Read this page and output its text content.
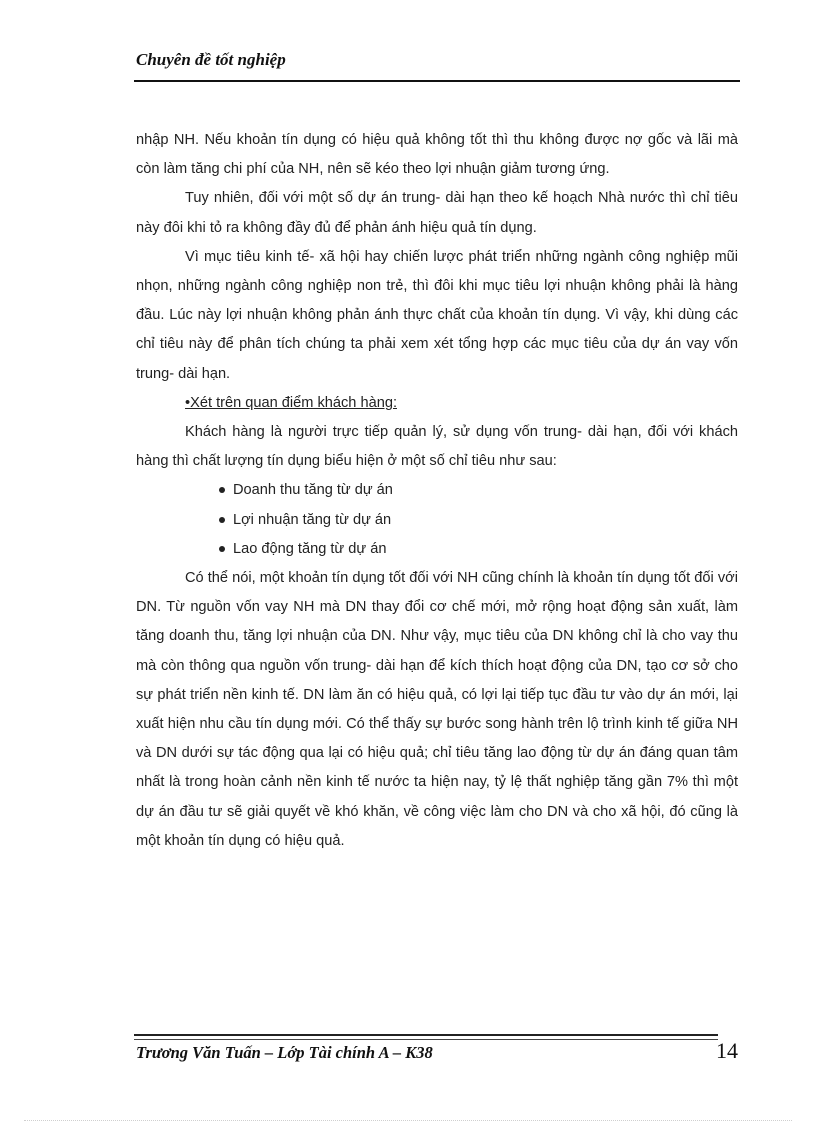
Chuyên đề tốt nghiệp

nhập NH. Nếu khoản tín dụng có hiệu quả không tốt thì thu không được nợ gốc và lãi mà còn làm tăng chi phí của NH, nên sẽ kéo theo lợi nhuận giảm tương ứng.

Tuy nhiên, đối với một số dự án trung- dài hạn theo kế hoạch Nhà nước thì chỉ tiêu này đôi khi tỏ ra không đầy đủ để phản ánh hiệu quả tín dụng.

Vì mục tiêu kinh tế- xã hội hay chiến lược phát triển những ngành công nghiệp mũi nhọn, những ngành công nghiệp non trẻ, thì đôi khi mục tiêu lợi nhuận không phải là hàng đầu. Lúc này lợi nhuận không phản ánh thực chất của khoản tín dụng. Vì vậy, khi dùng các chỉ tiêu này để phân tích chúng ta phải xem xét tổng hợp các mục tiêu của dự án vay vốn trung- dài hạn.

•Xét trên quan điểm khách hàng:

Khách hàng là người trực tiếp quản lý, sử dụng vốn trung- dài hạn, đối với khách hàng thì chất lượng tín dụng biểu hiện ở một số chỉ tiêu như sau:

Doanh thu tăng từ dự án
Lợi nhuận tăng từ dự án
Lao động tăng từ dự án

Có thể nói, một khoản tín dụng tốt đối với NH cũng chính là khoản tín dụng tốt đối với DN. Từ nguồn vốn vay NH mà DN thay đổi cơ chế mới, mở rộng hoạt động sản xuất, làm tăng doanh thu, tăng lợi nhuận của DN. Như vậy, mục tiêu của DN không chỉ là cho vay thu mà còn thông qua nguồn vốn trung- dài hạn để kích thích hoạt động của DN, tạo cơ sở cho sự phát triển nền kinh tế. DN làm ăn có hiệu quả, có lợi lại tiếp tục đầu tư vào dự án mới, lại xuất hiện nhu cầu tín dụng mới. Có thể thấy sự bước song hành trên lộ trình kinh tế giữa NH và DN dưới sự tác động qua lại có hiệu quả; chỉ tiêu tăng lao động từ dự án đáng quan tâm nhất là trong hoàn cảnh nền kinh tế nước ta hiện nay, tỷ lệ thất nghiệp tăng gần 7% thì một dự án đầu tư sẽ giải quyết về khó khăn, về công việc làm cho DN và cho xã hội, đó cũng là một khoản tín dụng có hiệu quả.

Trương Văn Tuấn – Lớp Tài chính A – K38	14
